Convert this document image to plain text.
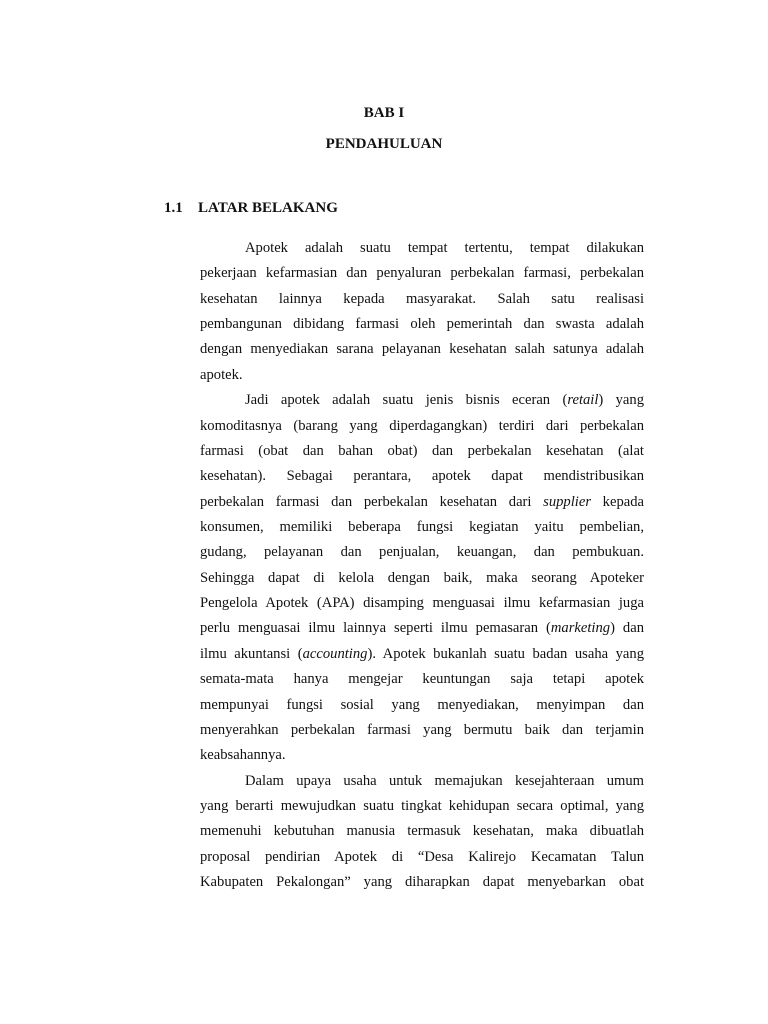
BAB I
PENDAHULUAN
1.1 LATAR BELAKANG
Apotek adalah suatu tempat tertentu, tempat dilakukan
pekerjaan kefarmasian dan penyaluran perbekalan farmasi, perbekalan
kesehatan lainnya kepada masyarakat. Salah satu realisasi
pembangunan dibidang farmasi oleh pemerintah dan swasta adalah
dengan menyediakan sarana pelayanan kesehatan salah satunya adalah
apotek.
Jadi apotek adalah suatu jenis bisnis eceran (retail) yang
komoditasnya (barang yang diperdagangkan) terdiri dari perbekalan
farmasi (obat dan bahan obat) dan perbekalan kesehatan (alat
kesehatan). Sebagai perantara, apotek dapat mendistribusikan
perbekalan farmasi dan perbekalan kesehatan dari supplier kepada
konsumen, memiliki beberapa fungsi kegiatan yaitu pembelian,
gudang, pelayanan dan penjualan, keuangan, dan pembukuan.
Sehingga dapat di kelola dengan baik, maka seorang Apoteker
Pengelola Apotek (APA) disamping menguasai ilmu kefarmasian juga
perlu menguasai ilmu lainnya seperti ilmu pemasaran (marketing) dan
ilmu akuntansi (accounting). Apotek bukanlah suatu badan usaha yang
semata-mata hanya mengejar keuntungan saja tetapi apotek
mempunyai fungsi sosial yang menyediakan, menyimpan dan
menyerahkan perbekalan farmasi yang bermutu baik dan terjamin
keabsahannya.
Dalam upaya usaha untuk memajukan kesejahteraan umum
yang berarti mewujudkan suatu tingkat kehidupan secara optimal, yang
memenuhi kebutuhan manusia termasuk kesehatan, maka dibuatlah
proposal pendirian Apotek di “Desa Kalirejo Kecamatan Talun
Kabupaten Pekalongan” yang diharapkan dapat menyebarkan obat
